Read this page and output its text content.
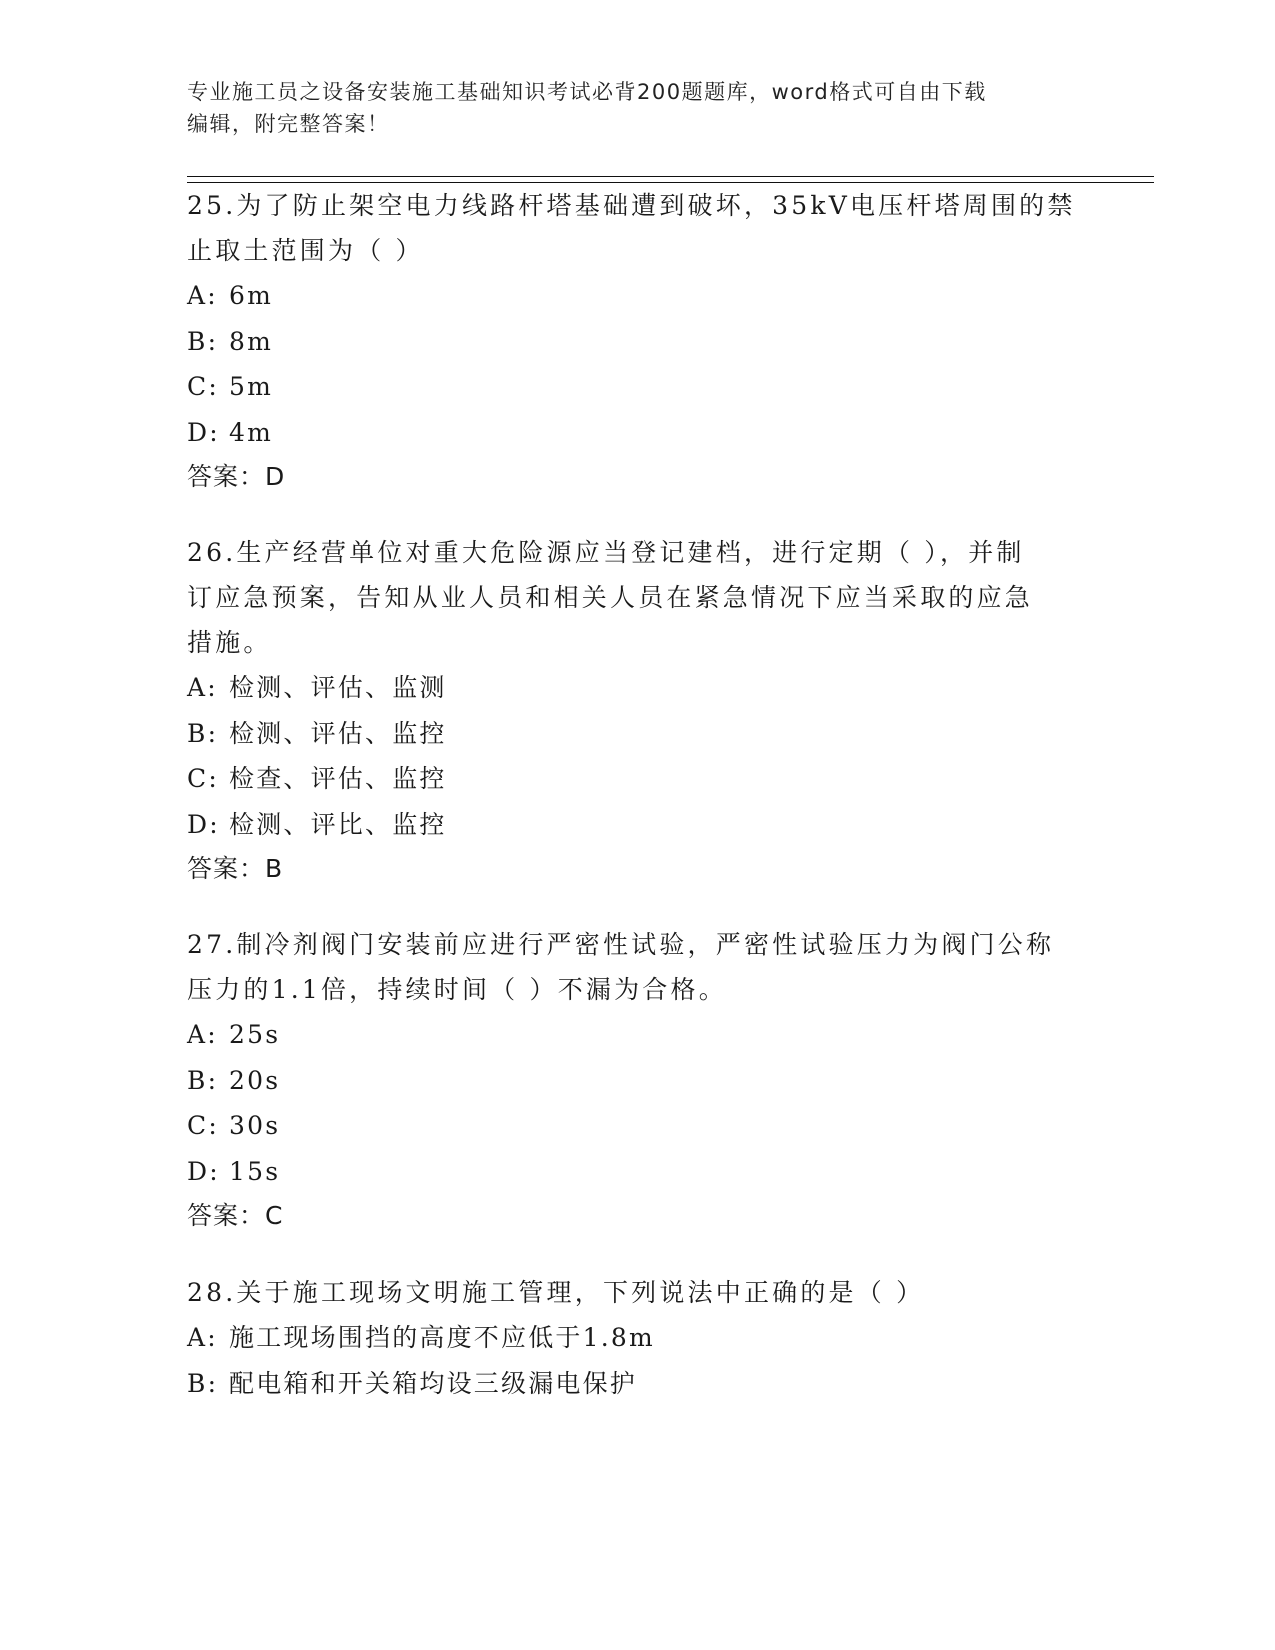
专业施工员之设备安装施工基础知识考试必背200题题库，word格式可自由下载
编辑，附完整答案！

25.为了防止架空电力线路杆塔基础遭到破坏，35kV电压杆塔周围的禁

止取土范围为（ ）

A: 6m

B: 8m

C: 5m

D: 4m

答案：D

26.生产经营单位对重大危险源应当登记建档，进行定期（ ），并制

订应急预案，告知从业人员和相关人员在紧急情况下应当采取的应急

措施。

A: 检测、评估、监测

B: 检测、评估、监控

C: 检查、评估、监控

D: 检测、评比、监控

答案：B

27.制冷剂阀门安装前应进行严密性试验，严密性试验压力为阀门公称

压力的1.1倍，持续时间（ ）不漏为合格。

A: 25s

B: 20s

C: 30s

D: 15s

答案：C

28.关于施工现场文明施工管理，下列说法中正确的是（ ）

A: 施工现场围挡的高度不应低于1.8m

B: 配电箱和开关箱均设三级漏电保护
